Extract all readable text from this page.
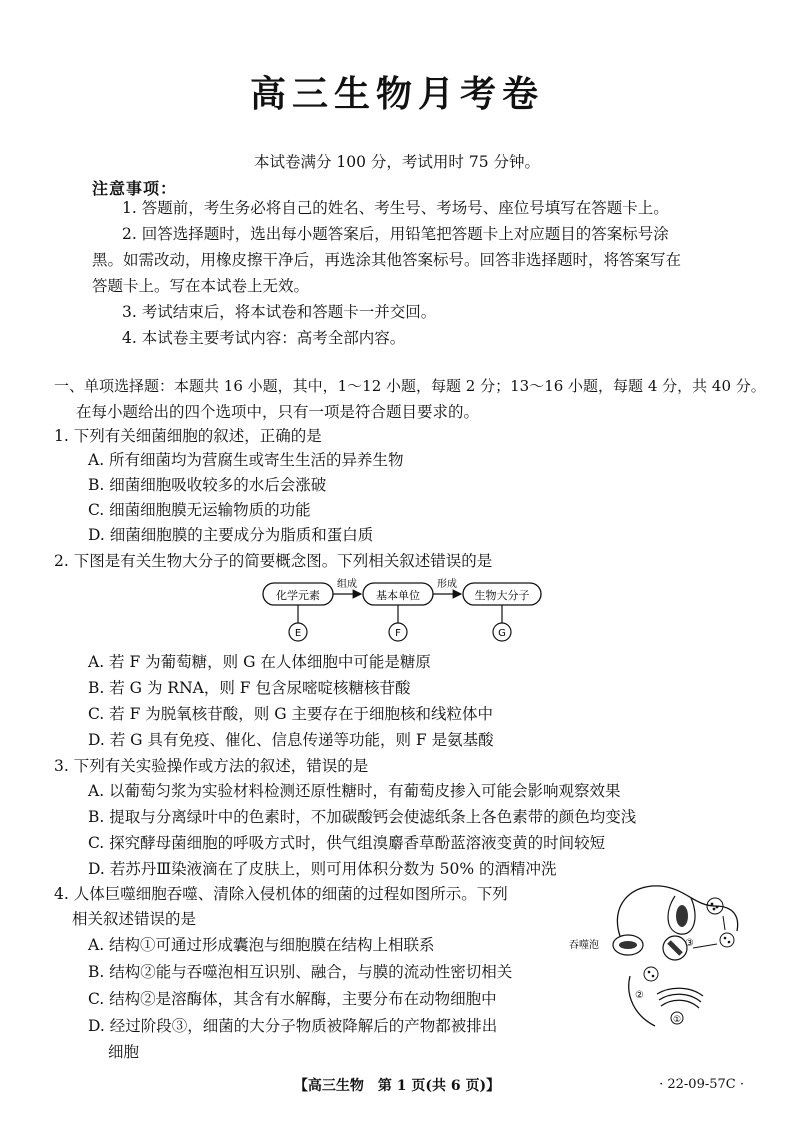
高三生物月考卷
本试卷满分 100 分，考试用时 75 分钟。
注意事项：
1. 答题前，考生务必将自己的姓名、考生号、考场号、座位号填写在答题卡上。
2. 回答选择题时，选出每小题答案后，用铅笔把答题卡上对应题目的答案标号涂
黑。如需改动，用橡皮擦干净后，再选涂其他答案标号。回答非选择题时，将答案写在
答题卡上。写在本试卷上无效。
3. 考试结束后，将本试卷和答题卡一并交回。
4. 本试卷主要考试内容：高考全部内容。
一、单项选择题：本题共 16 小题，其中，1～12 小题，每题 2 分；13～16 小题，每题 4 分，共 40 分。
在每小题给出的四个选项中，只有一项是符合题目要求的。
1. 下列有关细菌细胞的叙述，正确的是
A. 所有细菌均为营腐生或寄生生活的异养生物
B. 细菌细胞吸收较多的水后会涨破
C. 细菌细胞膜无运输物质的功能
D. 细菌细胞膜的主要成分为脂质和蛋白质
2. 下图是有关生物大分子的简要概念图。下列相关叙述错误的是
化学元素	基本单位	生物大分子
组成	形成
E	F	G
A. 若 F 为葡萄糖，则 G 在人体细胞中可能是糖原
B. 若 G 为 RNA，则 F 包含尿嘧啶核糖核苷酸
C. 若 F 为脱氧核苷酸，则 G 主要存在于细胞核和线粒体中
D. 若 G 具有免疫、催化、信息传递等功能，则 F 是氨基酸
3. 下列有关实验操作或方法的叙述，错误的是
A. 以葡萄匀浆为实验材料检测还原性糖时，有葡萄皮掺入可能会影响观察效果
B. 提取与分离绿叶中的色素时，不加碳酸钙会使滤纸条上各色素带的颜色均变浅
C. 探究酵母菌细胞的呼吸方式时，供气组溴麝香草酚蓝溶液变黄的时间较短
D. 若苏丹Ⅲ染液滴在了皮肤上，则可用体积分数为 50% 的酒精冲洗
4. 人体巨噬细胞吞噬、清除入侵机体的细菌的过程如图所示。下列
相关叙述错误的是
A. 结构①可通过形成囊泡与细胞膜在结构上相联系
B. 结构②能与吞噬泡相互识别、融合，与膜的流动性密切相关
C. 结构②是溶酶体，其含有水解酶，主要分布在动物细胞中
D. 经过阶段③，细菌的大分子物质被降解后的产物都被排出
细胞
吞噬泡	③
②
①
【高三生物　第 1 页(共 6 页)】	· 22-09-57C ·
